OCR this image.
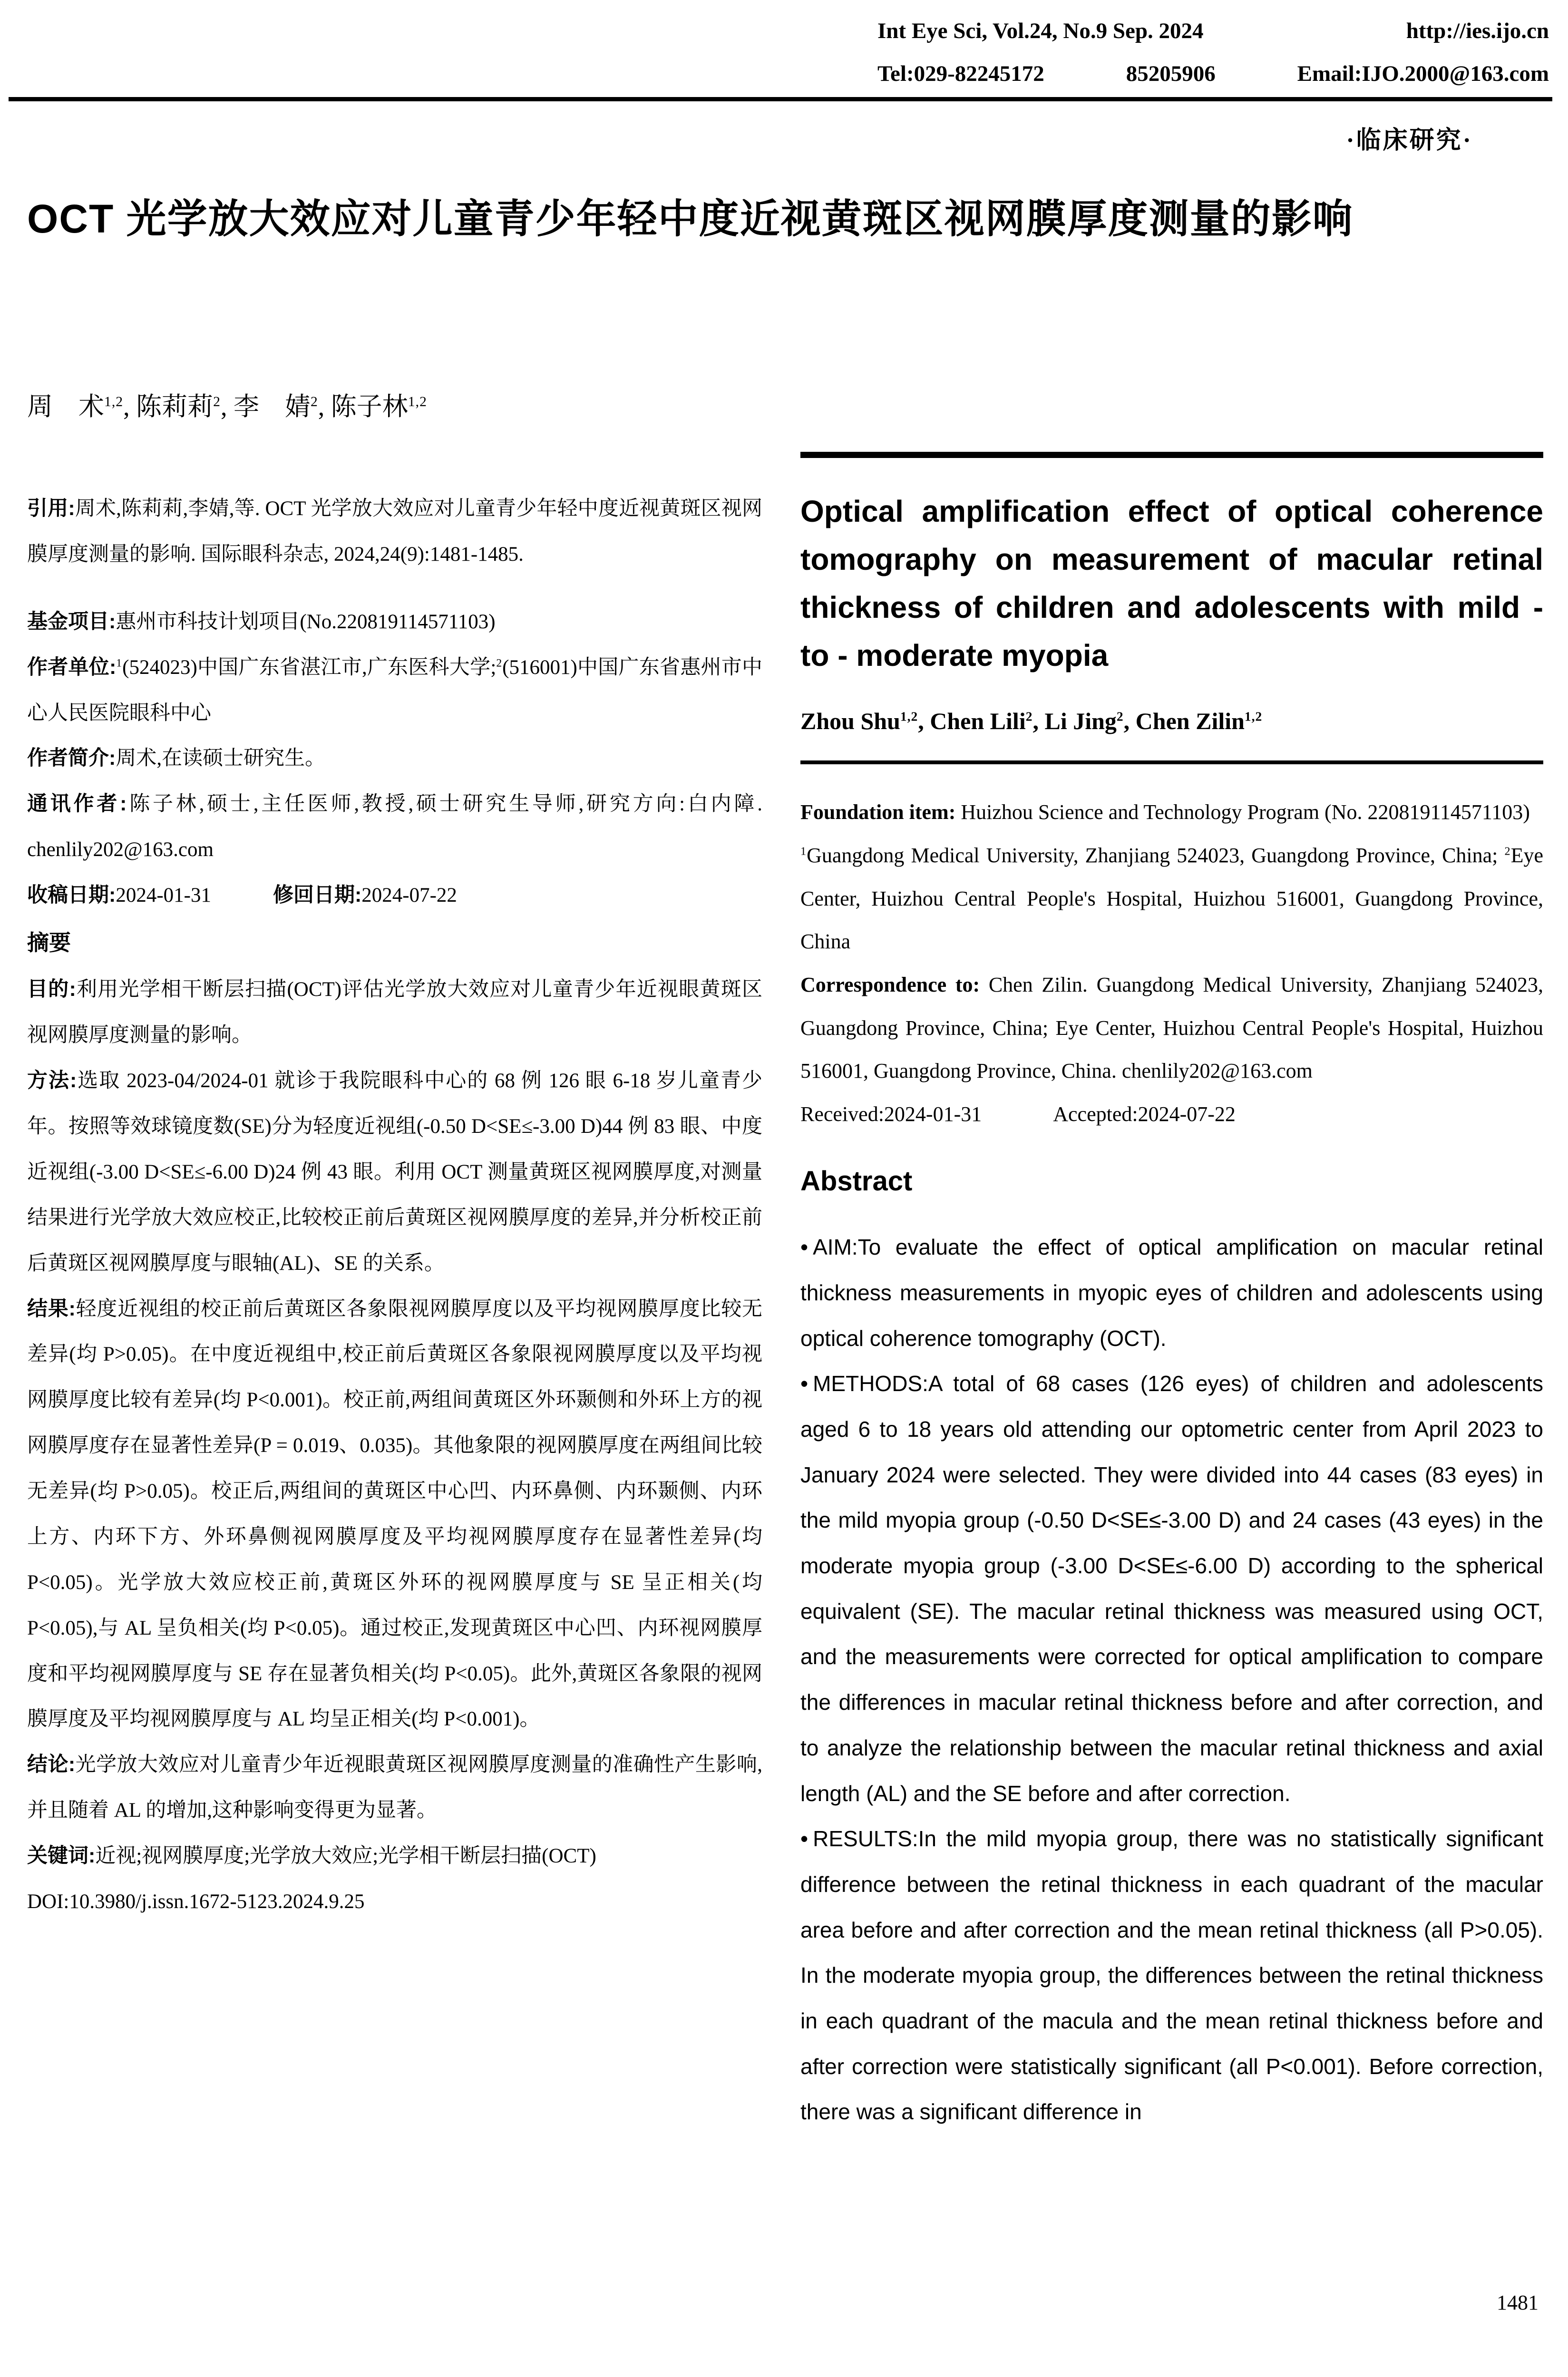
Int Eye Sci, Vol.24, No.9 Sep. 2024	http://ies.ijo.cn
Tel:029-82245172	85205906	Email:IJO.2000@163.com
·临床研究·
OCT 光学放大效应对儿童青少年轻中度近视黄斑区视网膜厚度测量的影响
周　术$^{1,2}$, 陈莉莉$^2$, 李　婧$^2$, 陈子林$^{1,2}$

引用:周术,陈莉莉,李婧,等. OCT 光学放大效应对儿童青少年轻中度近视黄斑区视网膜厚度测量的影响. 国际眼科杂志, 2024,24(9):1481-1485.

基金项目:惠州市科技计划项目(No.220819114571103)

作者单位:$^1$(524023)中国广东省湛江市,广东医科大学;$^2$(516001)中国广东省惠州市中心人民医院眼科中心

作者简介:周术,在读硕士研究生。

通讯作者:陈子林,硕士,主任医师,教授,硕士研究生导师,研究方向:白内障. chenlily202@163.com

收稿日期:2024-01-31	修回日期:2024-07-22

摘要

目的:利用光学相干断层扫描(OCT)评估光学放大效应对儿童青少年近视眼黄斑区视网膜厚度测量的影响。

方法:选取 2023-04/2024-01 就诊于我院眼科中心的 68 例 126 眼 6-18 岁儿童青少年。按照等效球镜度数(SE)分为轻度近视组(-0.50 D<SE≤-3.00 D)44 例 83 眼、中度近视组(-3.00 D<SE≤-6.00 D)24 例 43 眼。利用 OCT 测量黄斑区视网膜厚度,对测量结果进行光学放大效应校正,比较校正前后黄斑区视网膜厚度的差异,并分析校正前后黄斑区视网膜厚度与眼轴(AL)、SE 的关系。

结果:轻度近视组的校正前后黄斑区各象限视网膜厚度以及平均视网膜厚度比较无差异(均 P>0.05)。在中度近视组中,校正前后黄斑区各象限视网膜厚度以及平均视网膜厚度比较有差异(均 P<0.001)。校正前,两组间黄斑区外环颞侧和外环上方的视网膜厚度存在显著性差异(P = 0.019、0.035)。其他象限的视网膜厚度在两组间比较无差异(均 P>0.05)。校正后,两组间的黄斑区中心凹、内环鼻侧、内环颞侧、内环上方、内环下方、外环鼻侧视网膜厚度及平均视网膜厚度存在显著性差异(均 P<0.05)。光学放大效应校正前,黄斑区外环的视网膜厚度与 SE 呈正相关(均 P<0.05),与 AL 呈负相关(均 P<0.05)。通过校正,发现黄斑区中心凹、内环视网膜厚度和平均视网膜厚度与 SE 存在显著负相关(均 P<0.05)。此外,黄斑区各象限的视网膜厚度及平均视网膜厚度与 AL 均呈正相关(均 P<0.001)。

结论:光学放大效应对儿童青少年近视眼黄斑区视网膜厚度测量的准确性产生影响,并且随着 AL 的增加,这种影响变得更为显著。

关键词:近视;视网膜厚度;光学放大效应;光学相干断层扫描(OCT)

DOI:10.3980/j.issn.1672-5123.2024.9.25

Optical amplification effect of optical coherence tomography on measurement of macular retinal thickness of children and adolescents with mild - to - moderate myopia
Zhou Shu$^{1,2}$, Chen Lili$^2$, Li Jing$^2$, Chen Zilin$^{1,2}$

Foundation item: Huizhou Science and Technology Program (No. 220819114571103)

$^1$Guangdong Medical University, Zhanjiang 524023, Guangdong Province, China; $^2$Eye Center, Huizhou Central People's Hospital, Huizhou 516001, Guangdong Province, China

Correspondence to: Chen Zilin. Guangdong Medical University, Zhanjiang 524023, Guangdong Province, China; Eye Center, Huizhou Central People's Hospital, Huizhou 516001, Guangdong Province, China. chenlily202@163.com

Received:2024-01-31	Accepted:2024-07-22

Abstract

• AIM:To evaluate the effect of optical amplification on macular retinal thickness measurements in myopic eyes of children and adolescents using optical coherence tomography (OCT).

• METHODS:A total of 68 cases (126 eyes) of children and adolescents aged 6 to 18 years old attending our optometric center from April 2023 to January 2024 were selected. They were divided into 44 cases (83 eyes) in the mild myopia group (-0.50 D<SE≤-3.00 D) and 24 cases (43 eyes) in the moderate myopia group (-3.00 D<SE≤-6.00 D) according to the spherical equivalent (SE). The macular retinal thickness was measured using OCT, and the measurements were corrected for optical amplification to compare the differences in macular retinal thickness before and after correction, and to analyze the relationship between the macular retinal thickness and axial length (AL) and the SE before and after correction.

• RESULTS:In the mild myopia group, there was no statistically significant difference between the retinal thickness in each quadrant of the macular area before and after correction and the mean retinal thickness (all P>0.05). In the moderate myopia group, the differences between the retinal thickness in each quadrant of the macula and the mean retinal thickness before and after correction were statistically significant (all P<0.001). Before correction, there was a significant difference in

1481
